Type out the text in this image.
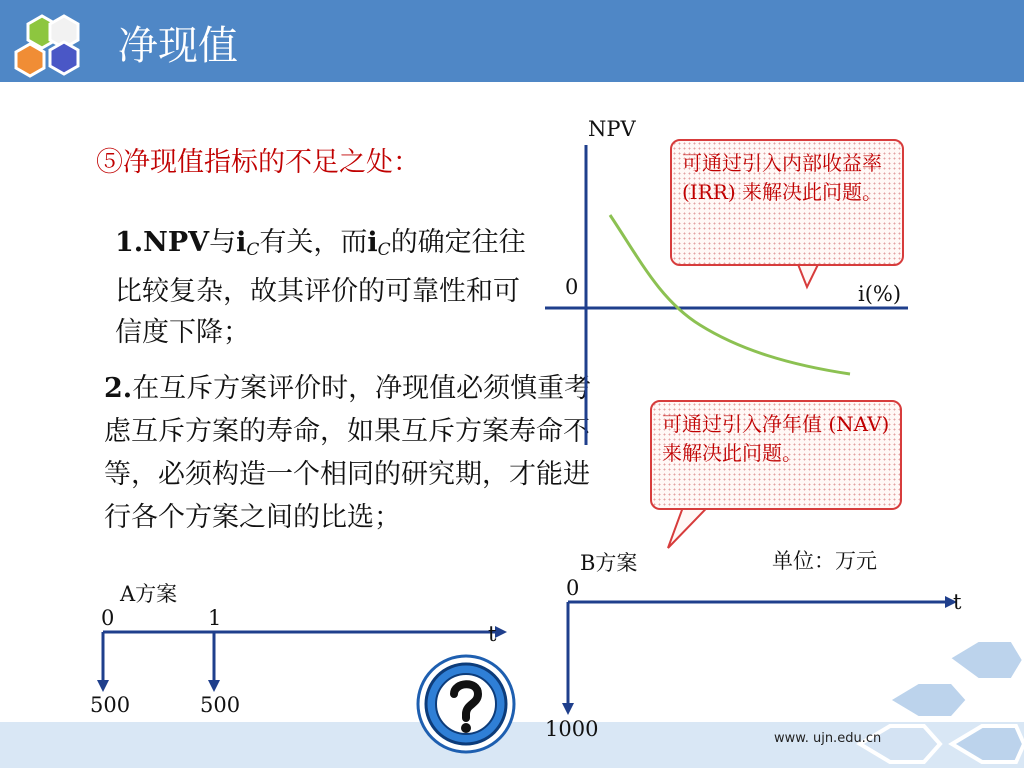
净现值
www. ujn.edu.cn
⑤净现值指标的不足之处：
1.NPV与$i_C$有关，而$i_C$的确定往往比较复杂，故其评价的可靠性和可信度下降；
2.在互斥方案评价时，净现值必须慎重考虑互斥方案的寿命，如果互斥方案寿命不等，必须构造一个相同的研究期，才能进行各个方案之间的比选；
可通过引入内部收益率 (IRR) 来解决此问题。
可通过引入净年值 (NAV) 来解决此问题。
NPV
i(%)
0
A方案
0	1
t
500	500
B方案	单位：万元
0
t
1000
